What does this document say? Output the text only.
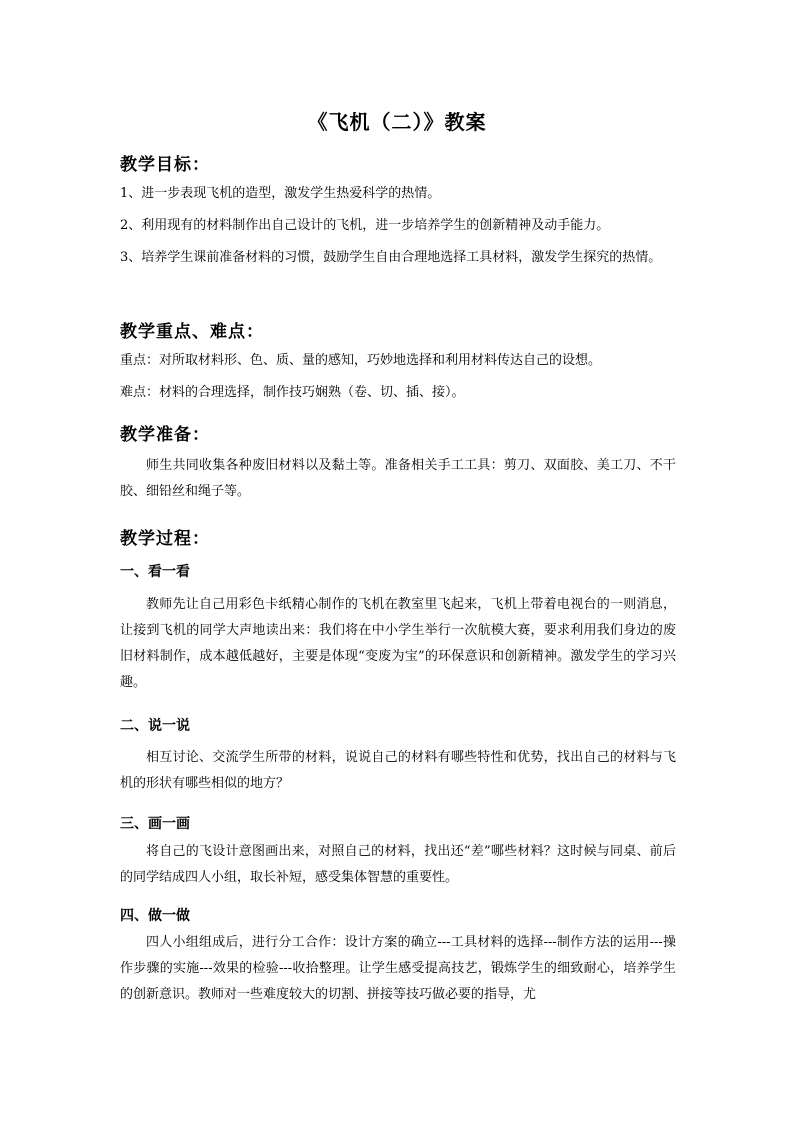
《飞机（二）》教案
教学目标：

1、进一步表现飞机的造型，激发学生热爱科学的热情。

2、利用现有的材料制作出自己设计的飞机，进一步培养学生的创新精神及动手能力。

3、培养学生课前准备材料的习惯，鼓励学生自由合理地选择工具材料，激发学生探究的热情。

教学重点、难点：

重点：对所取材料形、色、质、量的感知，巧妙地选择和利用材料传达自己的设想。

难点：材料的合理选择，制作技巧娴熟（卷、切、插、接）。

教学准备：

师生共同收集各种废旧材料以及黏土等。准备相关手工工具：剪刀、双面胶、美工刀、不干胶、细铅丝和绳子等。

教学过程：
一、看一看

教师先让自己用彩色卡纸精心制作的飞机在教室里飞起来，飞机上带着电视台的一则消息，让接到飞机的同学大声地读出来：我们将在中小学生举行一次航模大赛，要求利用我们身边的废旧材料制作，成本越低越好，主要是体现“变废为宝”的环保意识和创新精神。激发学生的学习兴趣。

二、说一说

相互讨论、交流学生所带的材料，说说自己的材料有哪些特性和优势，找出自己的材料与飞机的形状有哪些相似的地方？

三、画一画

将自己的飞设计意图画出来，对照自己的材料，找出还“差”哪些材料？这时候与同桌、前后的同学结成四人小组，取长补短，感受集体智慧的重要性。

四、做一做

四人小组组成后，进行分工合作：设计方案的确立---工具材料的选择---制作方法的运用---操作步骤的实施---效果的检验---收拾整理。让学生感受提高技艺，锻炼学生的细致耐心，培养学生的创新意识。教师对一些难度较大的切割、拼接等技巧做必要的指导，尤
